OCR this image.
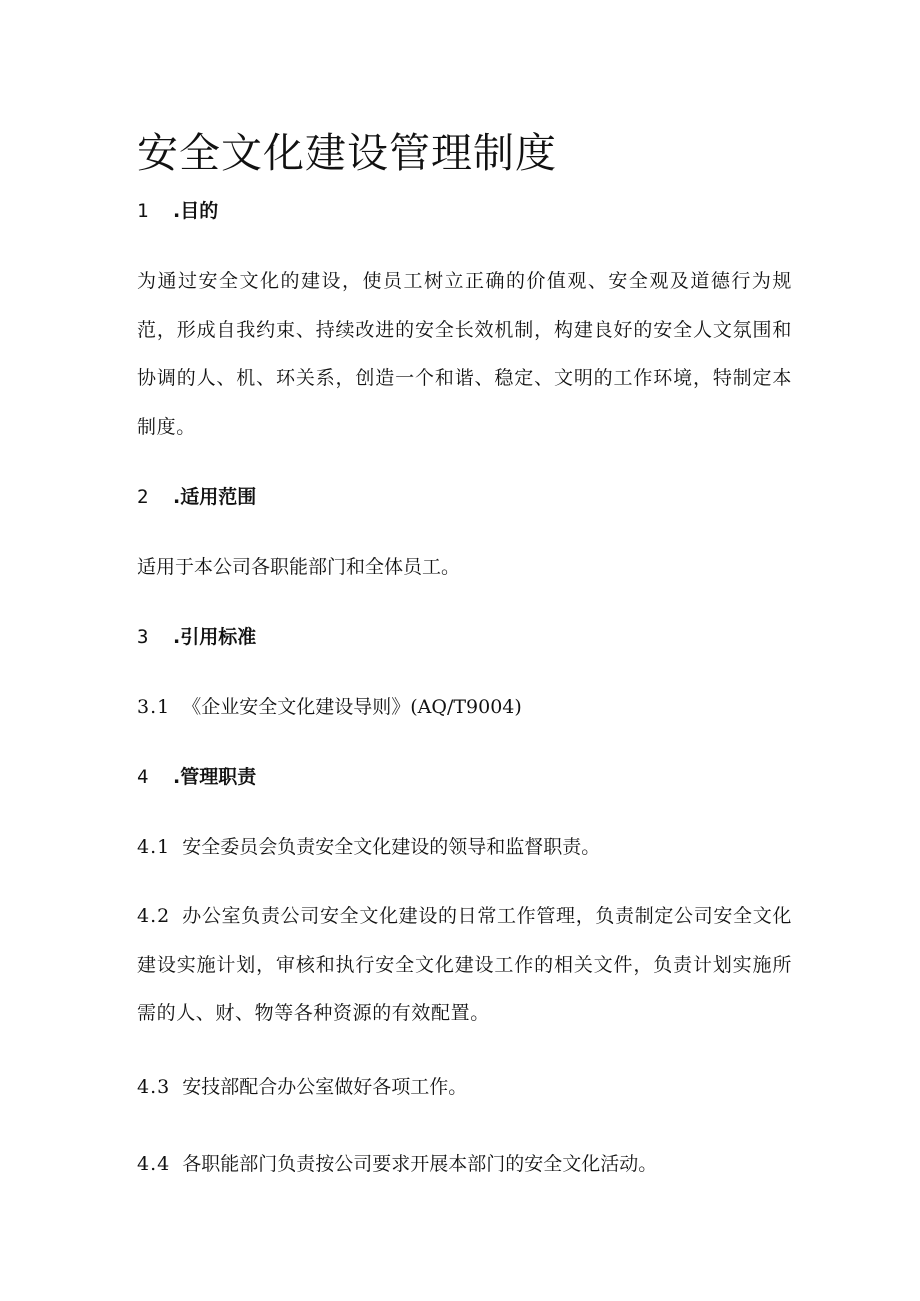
安全文化建设管理制度
1 .目的

为通过安全文化的建设，使员工树立正确的价值观、安全观及道德行为规范，形成自我约束、持续改进的安全长效机制，构建良好的安全人文氛围和协调的人、机、环关系，创造一个和谐、稳定、文明的工作环境，特制定本制度。

2 .适用范围

适用于本公司各职能部门和全体员工。

3 .引用标准

3.1 《企业安全文化建设导则》(AQ/T9004)

4 .管理职责

4.1 安全委员会负责安全文化建设的领导和监督职责。

4.2 办公室负责公司安全文化建设的日常工作管理，负责制定公司安全文化建设实施计划，审核和执行安全文化建设工作的相关文件，负责计划实施所需的人、财、物等各种资源的有效配置。

4.3 安技部配合办公室做好各项工作。

4.4 各职能部门负责按公司要求开展本部门的安全文化活动。
